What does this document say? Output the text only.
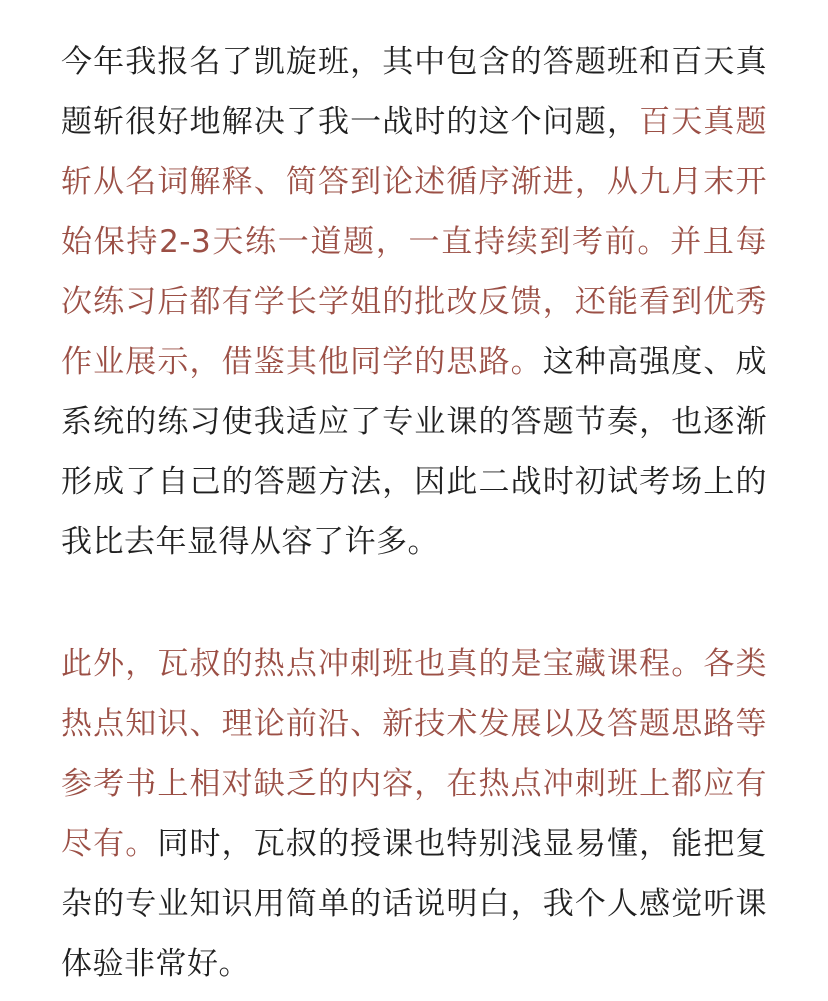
今年我报名了凯旋班，其中包含的答题班和百天真题斩很好地解决了我一战时的这个问题，百天真题斩从名词解释、简答到论述循序渐进，从九月末开始保持2-3天练一道题，一直持续到考前。并且每次练习后都有学长学姐的批改反馈，还能看到优秀作业展示，借鉴其他同学的思路。这种高强度、成系统的练习使我适应了专业课的答题节奏，也逐渐形成了自己的答题方法，因此二战时初试考场上的我比去年显得从容了许多。

此外，瓦叔的热点冲刺班也真的是宝藏课程。各类热点知识、理论前沿、新技术发展以及答题思路等参考书上相对缺乏的内容，在热点冲刺班上都应有尽有。同时，瓦叔的授课也特别浅显易懂，能把复杂的专业知识用简单的话说明白，我个人感觉听课体验非常好。
